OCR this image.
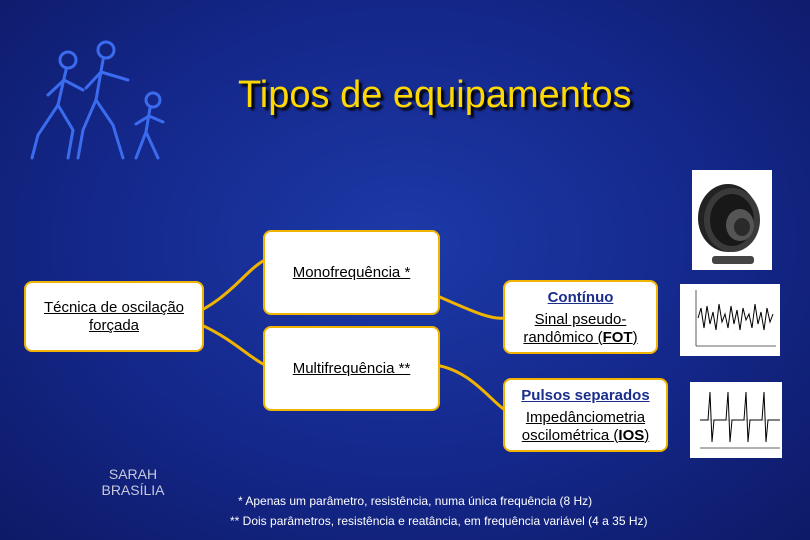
Tipos de equipamentos
Técnica de oscilação forçada
Monofrequência *
Multifrequência **
Contínuo
Sinal pseudo-
randômico (FOT)
Pulsos separados
Impedânciometria
oscilométrica (IOS)
SARAH BRASÍLIA
* Apenas um parâmetro, resistência, numa única frequência (8 Hz)
** Dois parâmetros, resistência e reatância, em frequência variável (4 a 35 Hz)
